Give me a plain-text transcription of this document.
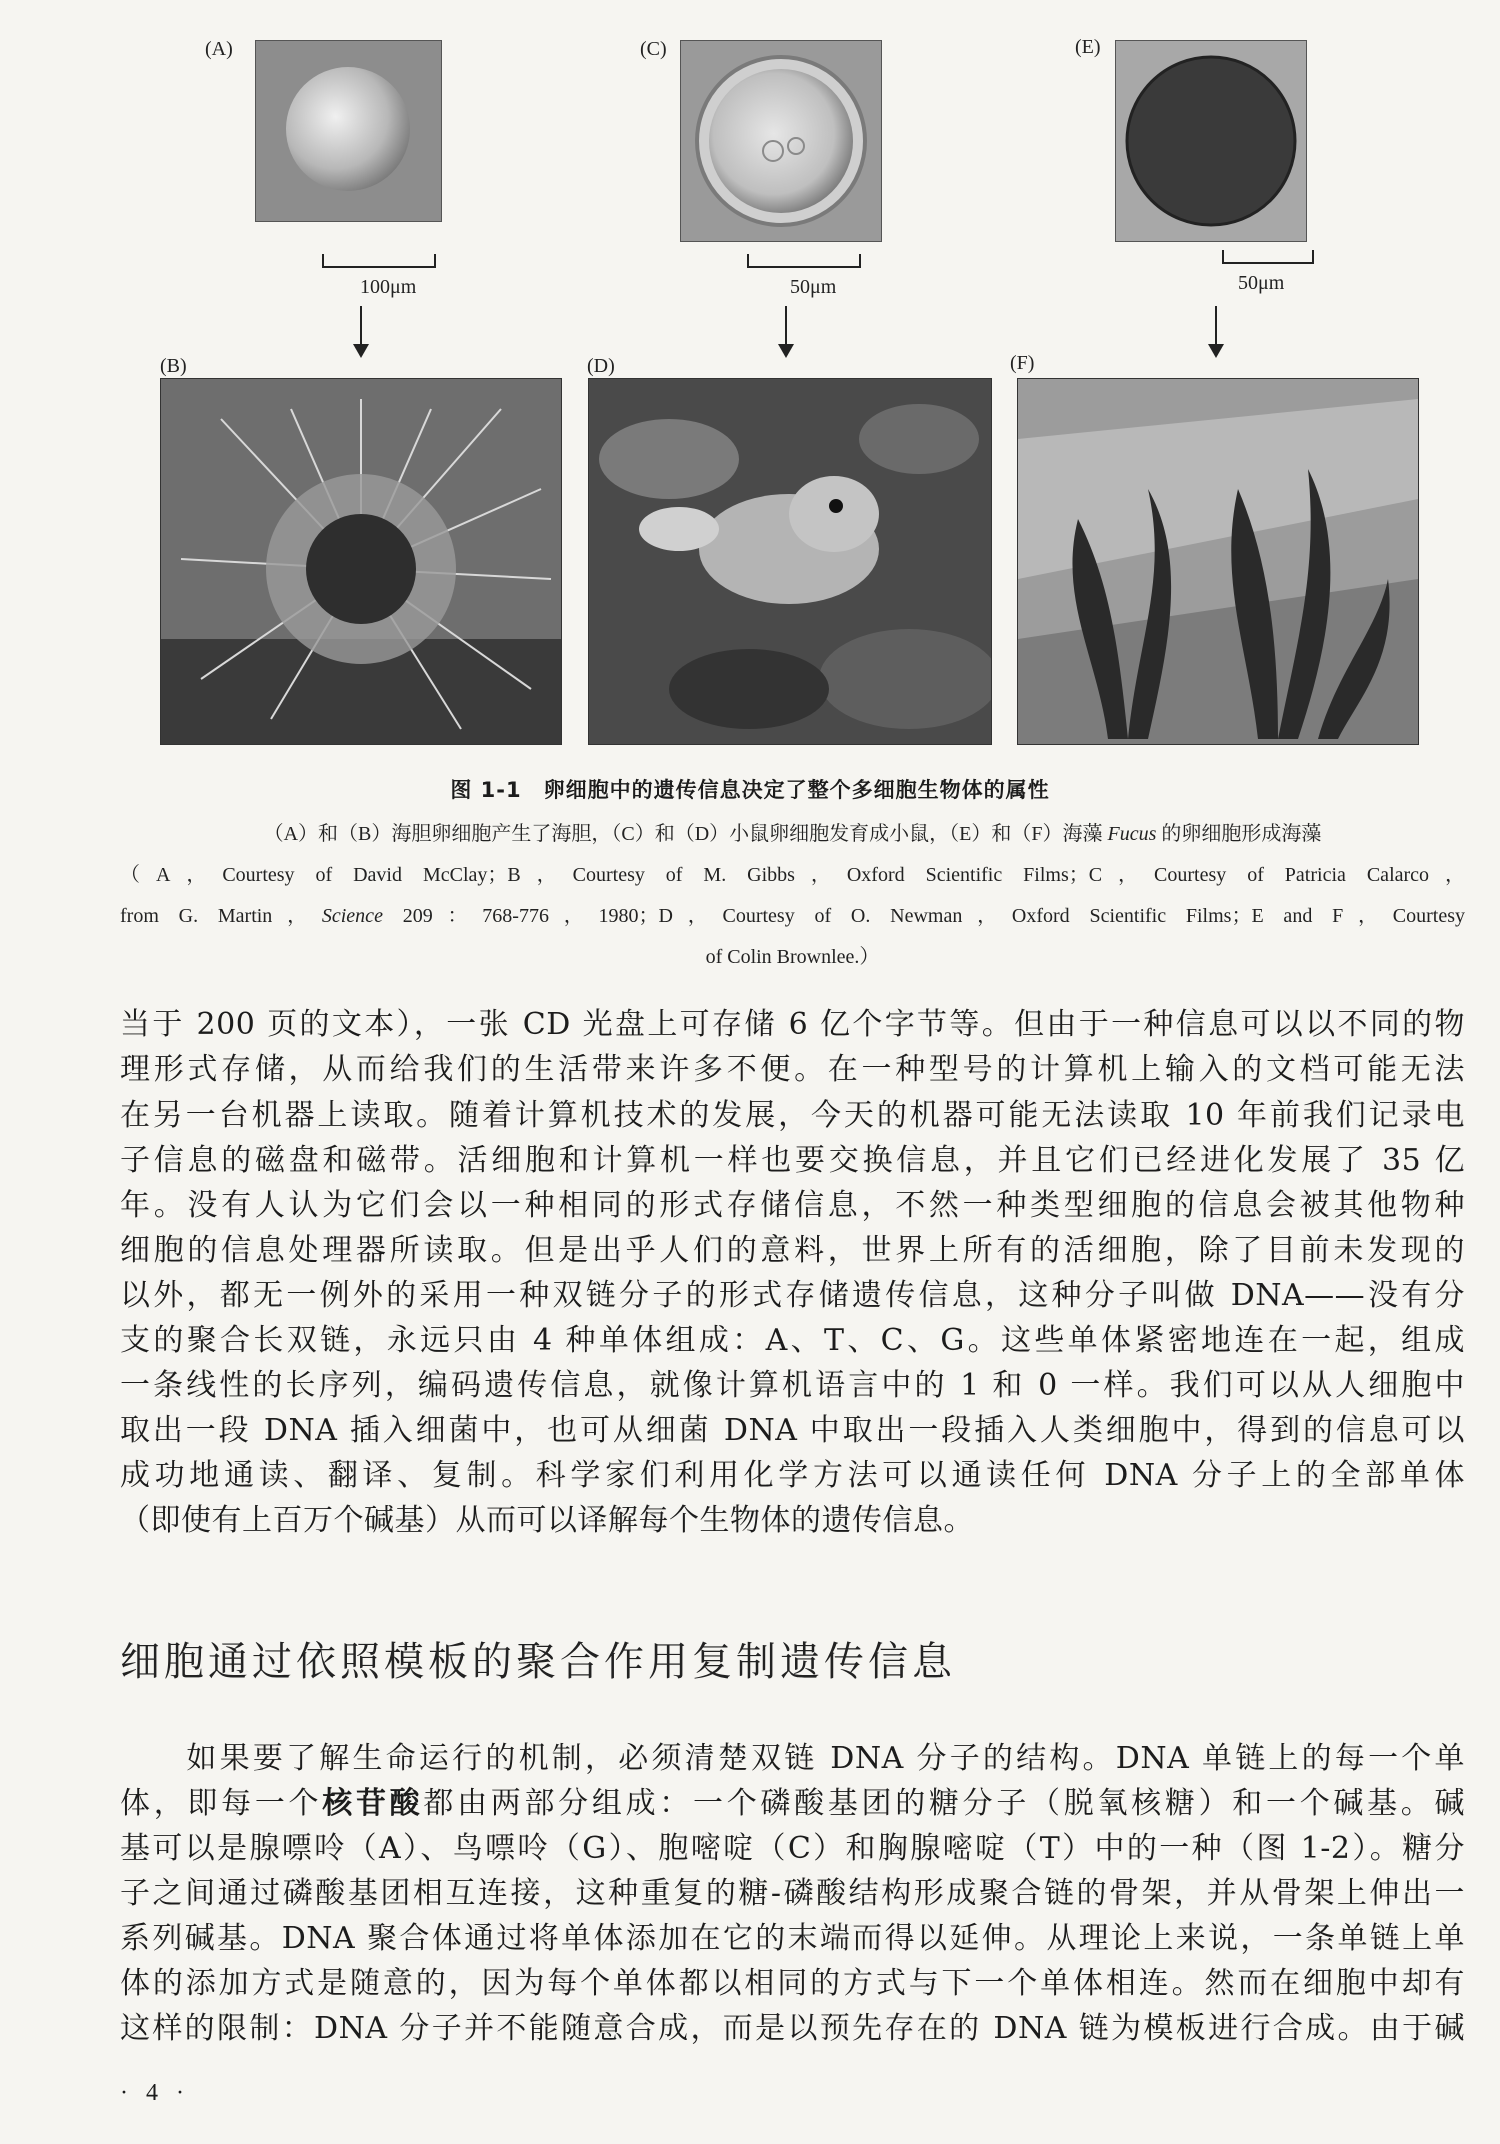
(A)
100μm
(C)
50μm
(E)
50μm
(B)	(D)	(F)
图 1-1　卵细胞中的遗传信息决定了整个多细胞生物体的属性
（A）和（B）海胆卵细胞产生了海胆，（C）和（D）小鼠卵细胞发育成小鼠，（E）和（F）海藻 Fucus 的卵细胞形成海藻
（A，Courtesy of David McClay；B，Courtesy of M. Gibbs，Oxford Scientific Films；C，Courtesy of Patricia Calarco，
from G. Martin，Science 209：768-776，1980；D，Courtesy of O. Newman，Oxford Scientific Films；E and F，Courtesy
of Colin Brownlee.）
当于 200 页的文本），一张 CD 光盘上可存储 6 亿个字节等。但由于一种信息可以以不同的物
理形式存储，从而给我们的生活带来许多不便。在一种型号的计算机上输入的文档可能无法
在另一台机器上读取。随着计算机技术的发展，今天的机器可能无法读取 10 年前我们记录电
子信息的磁盘和磁带。活细胞和计算机一样也要交换信息，并且它们已经进化发展了 35 亿
年。没有人认为它们会以一种相同的形式存储信息，不然一种类型细胞的信息会被其他物种
细胞的信息处理器所读取。但是出乎人们的意料，世界上所有的活细胞，除了目前未发现的
以外，都无一例外的采用一种双链分子的形式存储遗传信息，这种分子叫做 DNA——没有分
支的聚合长双链，永远只由 4 种单体组成：A、T、C、G。这些单体紧密地连在一起，组成
一条线性的长序列，编码遗传信息，就像计算机语言中的 1 和 0 一样。我们可以从人细胞中
取出一段 DNA 插入细菌中，也可从细菌 DNA 中取出一段插入人类细胞中，得到的信息可以
成功地通读、翻译、复制。科学家们利用化学方法可以通读任何 DNA 分子上的全部单体
（即使有上百万个碱基）从而可以译解每个生物体的遗传信息。
细胞通过依照模板的聚合作用复制遗传信息
　　如果要了解生命运行的机制，必须清楚双链 DNA 分子的结构。DNA 单链上的每一个单
体，即每一个核苷酸都由两部分组成：一个磷酸基团的糖分子（脱氧核糖）和一个碱基。碱
基可以是腺嘌呤（A）、鸟嘌呤（G）、胞嘧啶（C）和胸腺嘧啶（T）中的一种（图 1-2）。糖分
子之间通过磷酸基团相互连接，这种重复的糖-磷酸结构形成聚合链的骨架，并从骨架上伸出一
系列碱基。DNA 聚合体通过将单体添加在它的末端而得以延伸。从理论上来说，一条单链上单
体的添加方式是随意的，因为每个单体都以相同的方式与下一个单体相连。然而在细胞中却有
这样的限制：DNA 分子并不能随意合成，而是以预先存在的 DNA 链为模板进行合成。由于碱
· 4 ·
